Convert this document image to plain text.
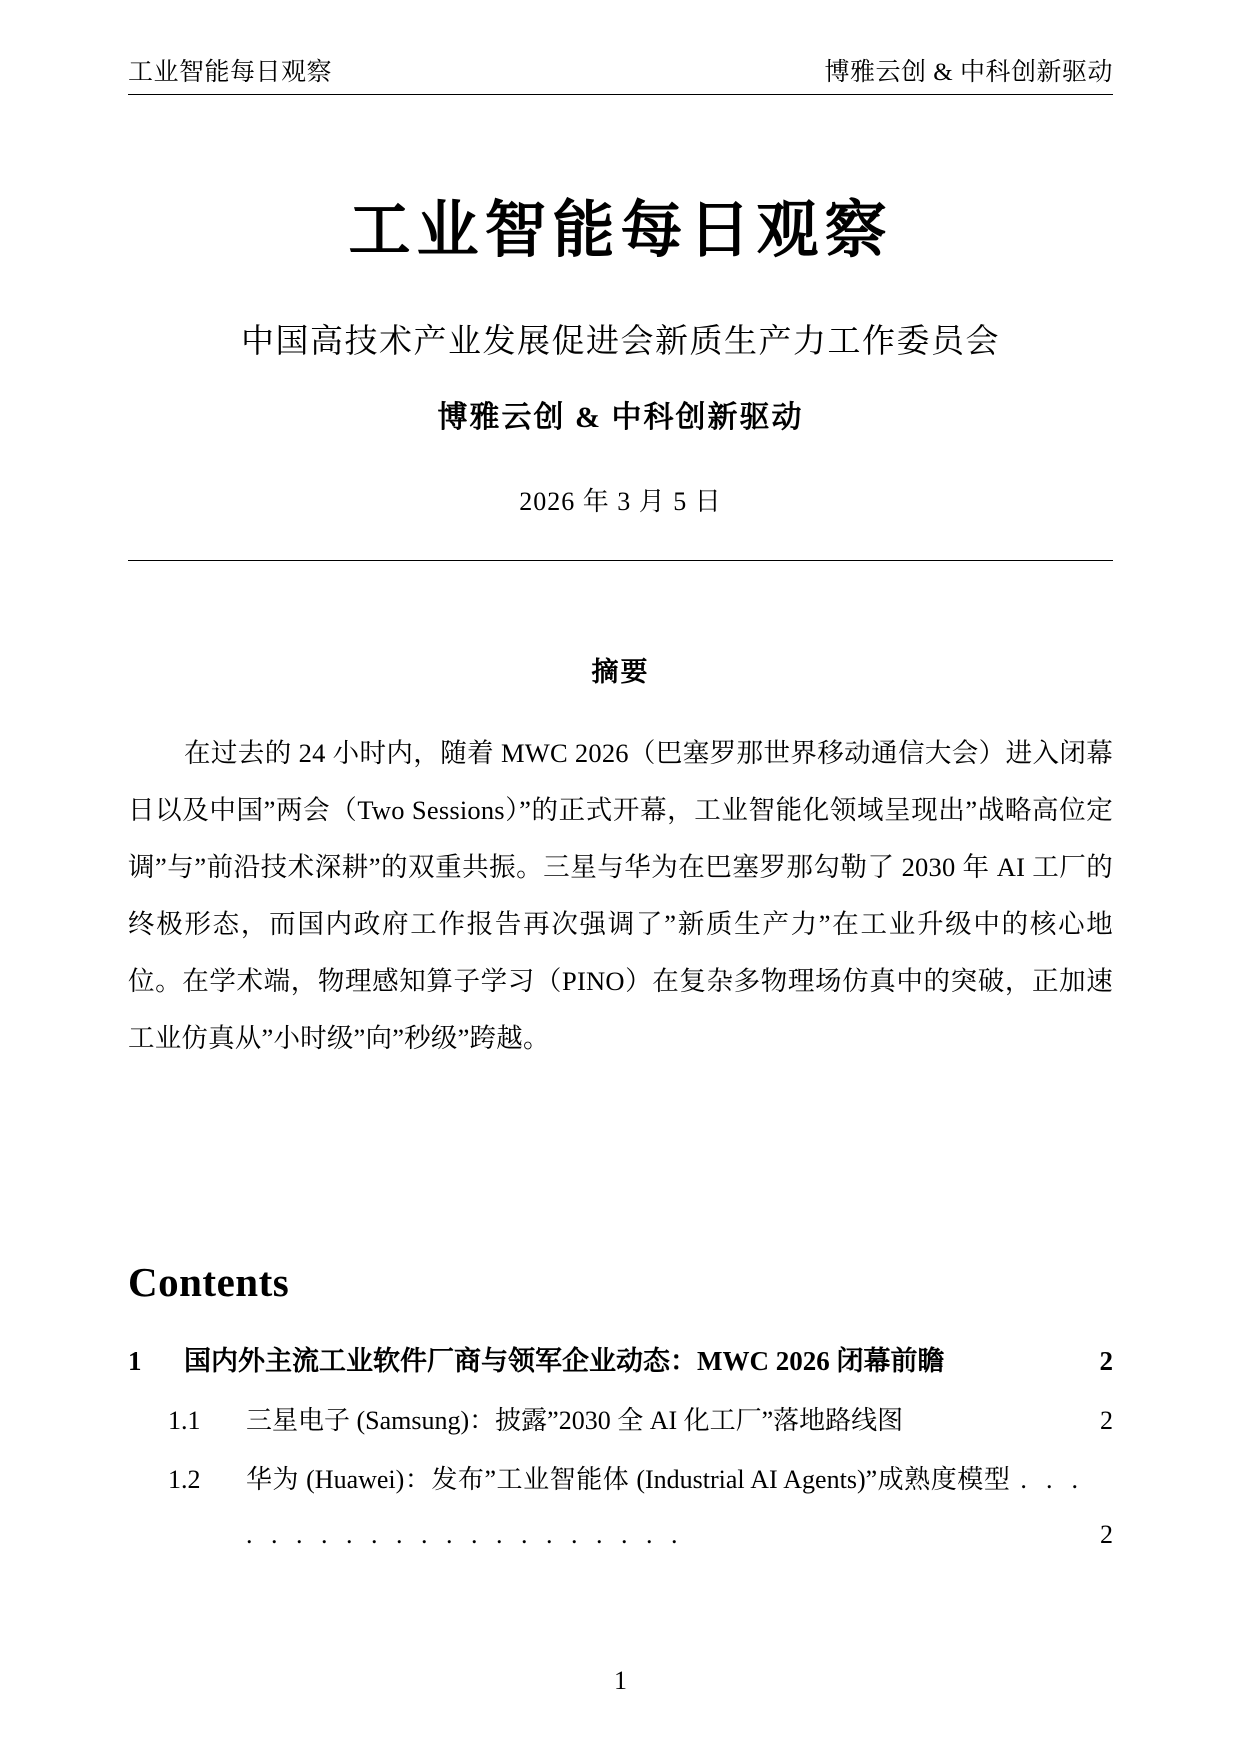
工业智能每日观察	博雅云创 & 中科创新驱动
工业智能每日观察
中国高技术产业发展促进会新质生产力工作委员会
博雅云创 & 中科创新驱动
2026 年 3 月 5 日
摘要

在过去的 24 小时内，随着 MWC 2026（巴塞罗那世界移动通信大会）进入闭幕日以及中国”两会（Two Sessions）”的正式开幕，工业智能化领域呈现出”战略高位定调”与”前沿技术深耕”的双重共振。三星与华为在巴塞罗那勾勒了 2030 年 AI 工厂的终极形态，而国内政府工作报告再次强调了”新质生产力”在工业升级中的核心地位。在学术端，物理感知算子学习（PINO）在复杂多物理场仿真中的突破，正加速工业仿真从”小时级”向”秒级”跨越。

Contents
1	国内外主流工业软件厂商与领军企业动态：MWC 2026 闭幕前瞻	2
1.1	三星电子 (Samsung)：披露”2030 全 AI 化工厂”落地路线图	2
1.2	华为 (Huawei)：发布”工业智能体 (Industrial AI Agents)”成熟度模型 . . . . . . . . . . . . . . . . . . . . .	2
1
